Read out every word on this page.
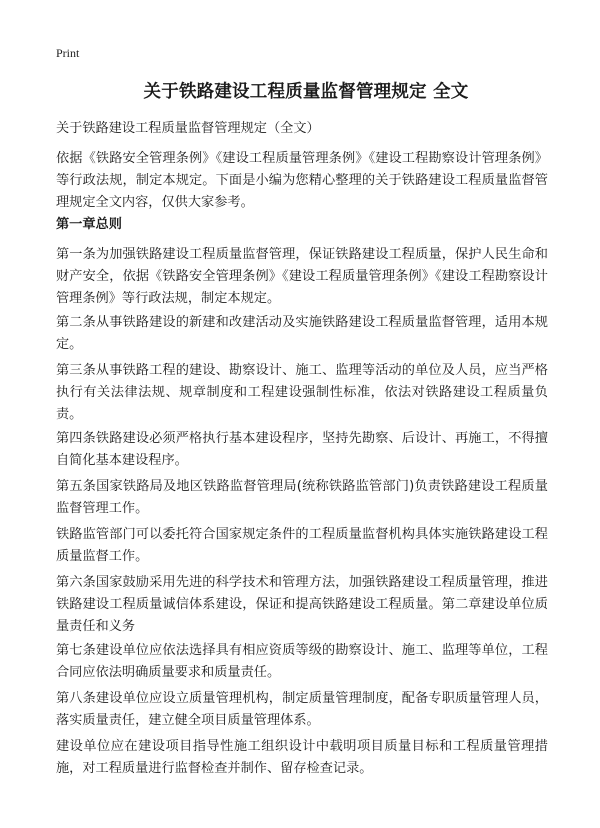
Print
关于铁路建设工程质量监督管理规定 全文

关于铁路建设工程质量监督管理规定（全文）

依据《铁路安全管理条例》《建设工程质量管理条例》《建设工程勘察设计管理条例》等行政法规，制定本规定。下面是小编为您精心整理的关于铁路建设工程质量监督管理规定全文内容，仅供大家参考。

第一章总则

第一条为加强铁路建设工程质量监督管理，保证铁路建设工程质量，保护人民生命和财产安全，依据《铁路安全管理条例》《建设工程质量管理条例》《建设工程勘察设计管理条例》等行政法规，制定本规定。

第二条从事铁路建设的新建和改建活动及实施铁路建设工程质量监督管理，适用本规定。

第三条从事铁路工程的建设、勘察设计、施工、监理等活动的单位及人员，应当严格执行有关法律法规、规章制度和工程建设强制性标准，依法对铁路建设工程质量负责。

第四条铁路建设必须严格执行基本建设程序，坚持先勘察、后设计、再施工，不得擅自简化基本建设程序。

第五条国家铁路局及地区铁路监督管理局(统称铁路监管部门)负责铁路建设工程质量监督管理工作。

铁路监管部门可以委托符合国家规定条件的工程质量监督机构具体实施铁路建设工程质量监督工作。

第六条国家鼓励采用先进的科学技术和管理方法，加强铁路建设工程质量管理，推进铁路建设工程质量诚信体系建设，保证和提高铁路建设工程质量。第二章建设单位质量责任和义务

第七条建设单位应依法选择具有相应资质等级的勘察设计、施工、监理等单位，工程合同应依法明确质量要求和质量责任。

第八条建设单位应设立质量管理机构，制定质量管理制度，配备专职质量管理人员，落实质量责任，建立健全项目质量管理体系。

建设单位应在建设项目指导性施工组织设计中载明项目质量目标和工程质量管理措施，对工程质量进行监督检查并制作、留存检查记录。
